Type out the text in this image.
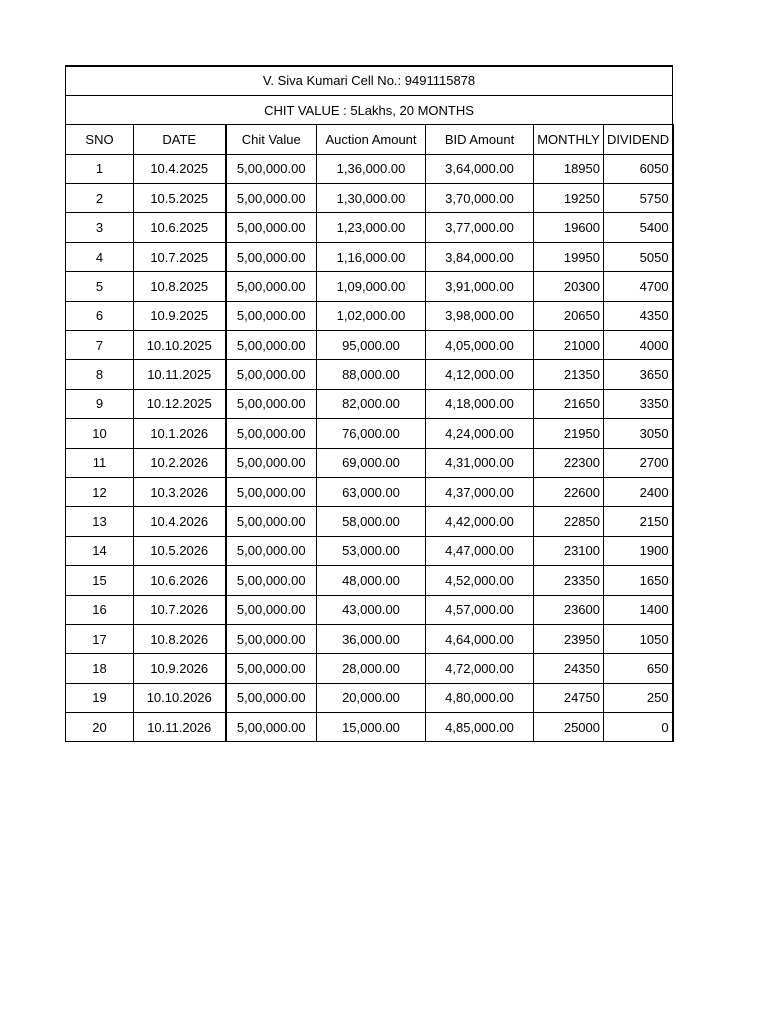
V. Siva Kumari Cell No.: 9491115878						
CHIT VALUE : 5Lakhs, 20 MONTHS						
SNO	DATE	Chit Value	Auction Amount	BID Amount	MONTHLY	DIVIDEND
1	10.4.2025	5,00,000.00	1,36,000.00	3,64,000.00	18950	6050
2	10.5.2025	5,00,000.00	1,30,000.00	3,70,000.00	19250	5750
3	10.6.2025	5,00,000.00	1,23,000.00	3,77,000.00	19600	5400
4	10.7.2025	5,00,000.00	1,16,000.00	3,84,000.00	19950	5050
5	10.8.2025	5,00,000.00	1,09,000.00	3,91,000.00	20300	4700
6	10.9.2025	5,00,000.00	1,02,000.00	3,98,000.00	20650	4350
7	10.10.2025	5,00,000.00	95,000.00	4,05,000.00	21000	4000
8	10.11.2025	5,00,000.00	88,000.00	4,12,000.00	21350	3650
9	10.12.2025	5,00,000.00	82,000.00	4,18,000.00	21650	3350
10	10.1.2026	5,00,000.00	76,000.00	4,24,000.00	21950	3050
11	10.2.2026	5,00,000.00	69,000.00	4,31,000.00	22300	2700
12	10.3.2026	5,00,000.00	63,000.00	4,37,000.00	22600	2400
13	10.4.2026	5,00,000.00	58,000.00	4,42,000.00	22850	2150
14	10.5.2026	5,00,000.00	53,000.00	4,47,000.00	23100	1900
15	10.6.2026	5,00,000.00	48,000.00	4,52,000.00	23350	1650
16	10.7.2026	5,00,000.00	43,000.00	4,57,000.00	23600	1400
17	10.8.2026	5,00,000.00	36,000.00	4,64,000.00	23950	1050
18	10.9.2026	5,00,000.00	28,000.00	4,72,000.00	24350	650
19	10.10.2026	5,00,000.00	20,000.00	4,80,000.00	24750	250
20	10.11.2026	5,00,000.00	15,000.00	4,85,000.00	25000	0
